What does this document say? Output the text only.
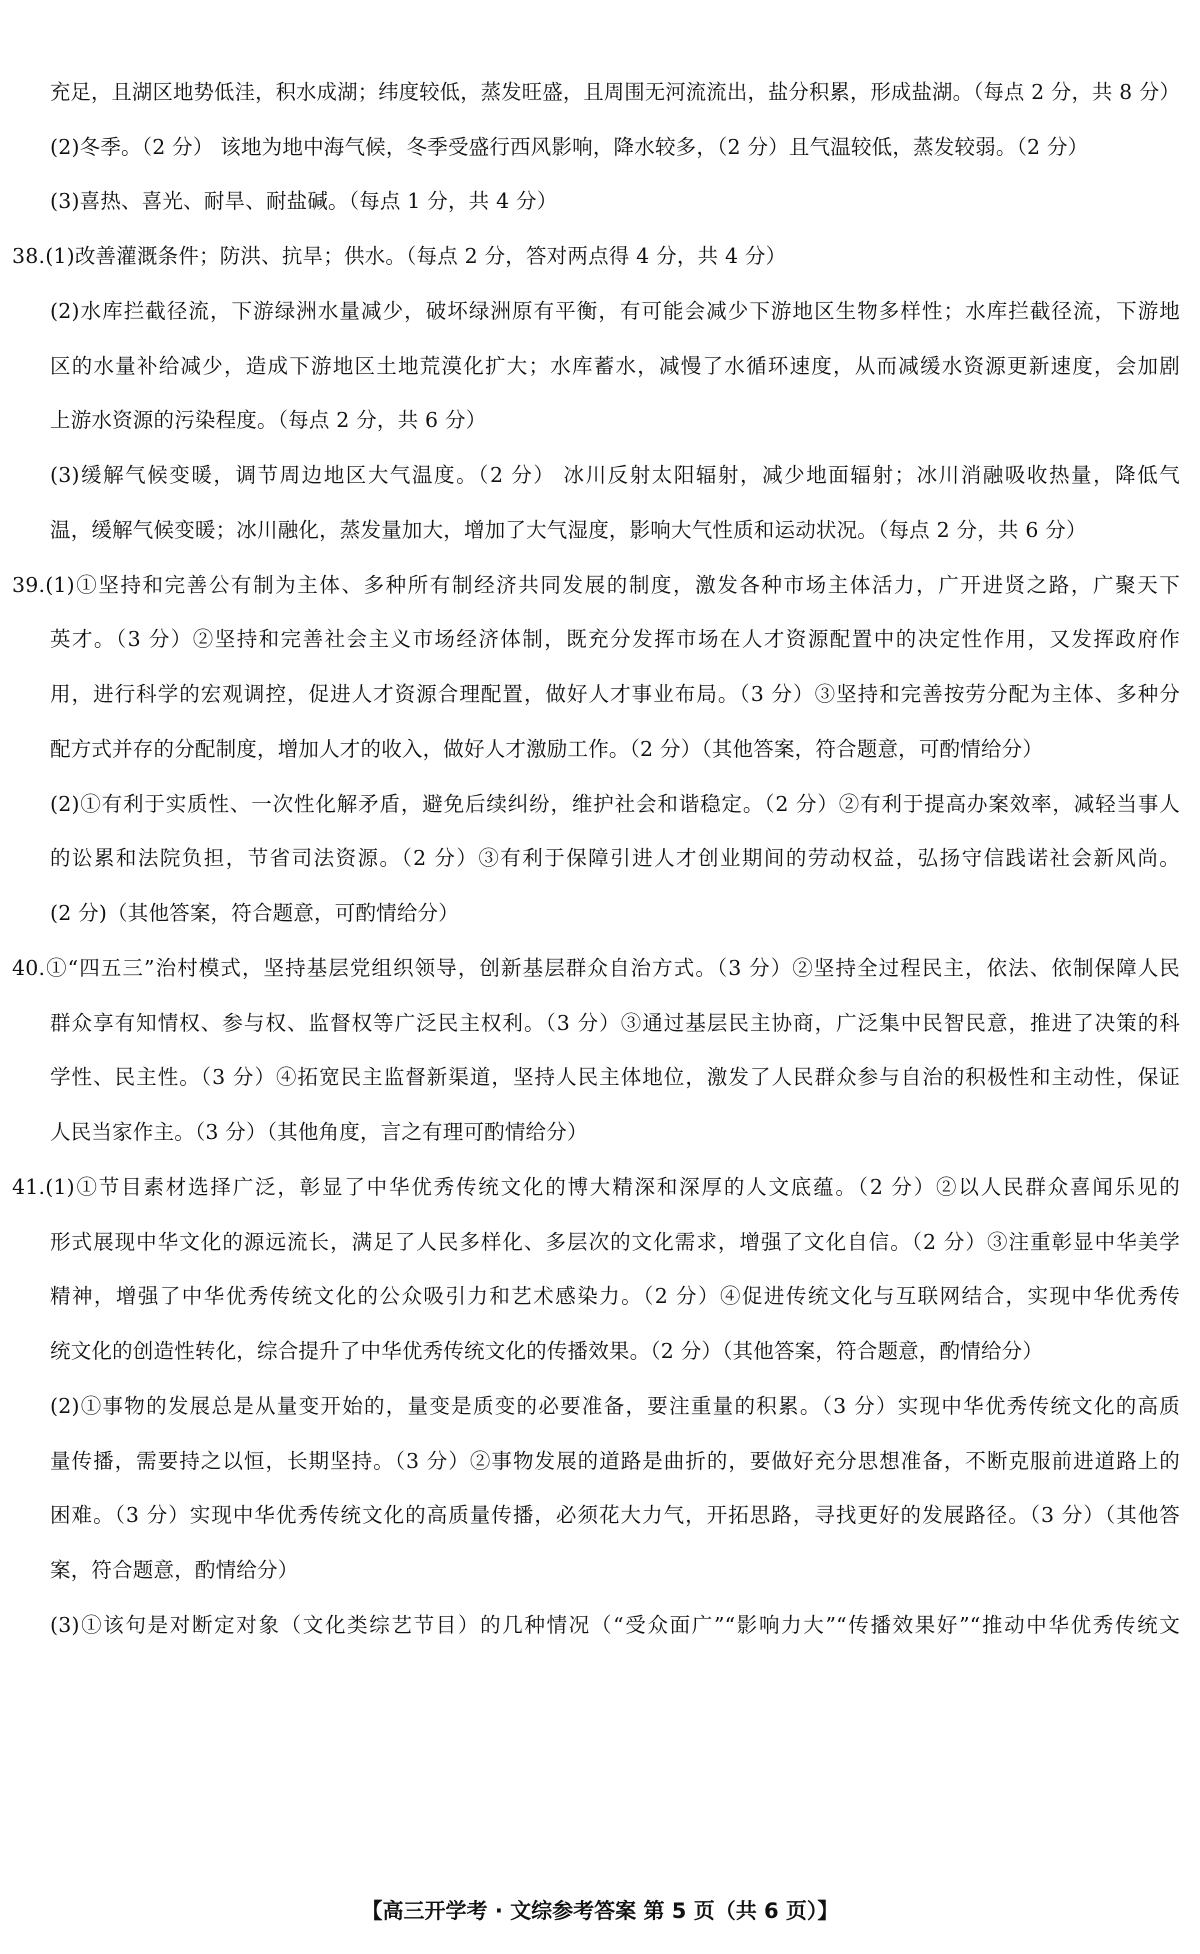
充足，且湖区地势低洼，积水成湖；纬度较低，蒸发旺盛，且周围无河流流出，盐分积累，形成盐湖。（每点 2 分，共 8 分）
(2)冬季。（2 分） 该地为地中海气候，冬季受盛行西风影响，降水较多，（2 分）且气温较低，蒸发较弱。（2 分）
(3)喜热、喜光、耐旱、耐盐碱。（每点 1 分，共 4 分）
38.(1)改善灌溉条件；防洪、抗旱；供水。（每点 2 分，答对两点得 4 分，共 4 分）
(2)水库拦截径流，下游绿洲水量减少，破坏绿洲原有平衡，有可能会减少下游地区生物多样性；水库拦截径流，下游地
区的水量补给减少，造成下游地区土地荒漠化扩大；水库蓄水，减慢了水循环速度，从而减缓水资源更新速度，会加剧
上游水资源的污染程度。（每点 2 分，共 6 分）
(3)缓解气候变暖，调节周边地区大气温度。（2 分） 冰川反射太阳辐射，减少地面辐射；冰川消融吸收热量，降低气
温，缓解气候变暖；冰川融化，蒸发量加大，增加了大气湿度，影响大气性质和运动状况。（每点 2 分，共 6 分）
39.(1)①坚持和完善公有制为主体、多种所有制经济共同发展的制度，激发各种市场主体活力，广开进贤之路，广聚天下
英才。（3 分）②坚持和完善社会主义市场经济体制，既充分发挥市场在人才资源配置中的决定性作用，又发挥政府作
用，进行科学的宏观调控，促进人才资源合理配置，做好人才事业布局。（3 分）③坚持和完善按劳分配为主体、多种分
配方式并存的分配制度，增加人才的收入，做好人才激励工作。（2 分）（其他答案，符合题意，可酌情给分）
(2)①有利于实质性、一次性化解矛盾，避免后续纠纷，维护社会和谐稳定。（2 分）②有利于提高办案效率，减轻当事人
的讼累和法院负担，节省司法资源。（2 分）③有利于保障引进人才创业期间的劳动权益，弘扬守信践诺社会新风尚。
(2 分)（其他答案，符合题意，可酌情给分）
40.①“四五三”治村模式，坚持基层党组织领导，创新基层群众自治方式。（3 分）②坚持全过程民主，依法、依制保障人民
群众享有知情权、参与权、监督权等广泛民主权利。（3 分）③通过基层民主协商，广泛集中民智民意，推进了决策的科
学性、民主性。（3 分）④拓宽民主监督新渠道，坚持人民主体地位，激发了人民群众参与自治的积极性和主动性，保证
人民当家作主。（3 分）（其他角度，言之有理可酌情给分）
41.(1)①节目素材选择广泛，彰显了中华优秀传统文化的博大精深和深厚的人文底蕴。（2 分）②以人民群众喜闻乐见的
形式展现中华文化的源远流长，满足了人民多样化、多层次的文化需求，增强了文化自信。（2 分）③注重彰显中华美学
精神，增强了中华优秀传统文化的公众吸引力和艺术感染力。（2 分）④促进传统文化与互联网结合，实现中华优秀传
统文化的创造性转化，综合提升了中华优秀传统文化的传播效果。（2 分）（其他答案，符合题意，酌情给分）
(2)①事物的发展总是从量变开始的，量变是质变的必要准备，要注重量的积累。（3 分）实现中华优秀传统文化的高质
量传播，需要持之以恒，长期坚持。（3 分）②事物发展的道路是曲折的，要做好充分思想准备，不断克服前进道路上的
困难。（3 分）实现中华优秀传统文化的高质量传播，必须花大力气，开拓思路，寻找更好的发展路径。（3 分）（其他答
案，符合题意，酌情给分）
(3)①该句是对断定对象（文化类综艺节目）的几种情况（“受众面广”“影响力大”“传播效果好”“推动中华优秀传统文
【高三开学考 · 文综参考答案 第 5 页（共 6 页）】
